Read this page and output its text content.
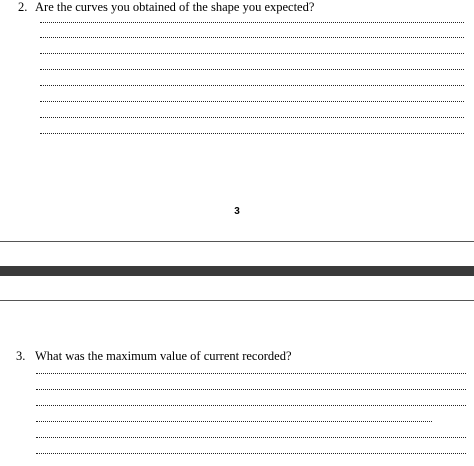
2. Are the curves you obtained of the shape you expected?
3
3. What was the maximum value of current recorded?
